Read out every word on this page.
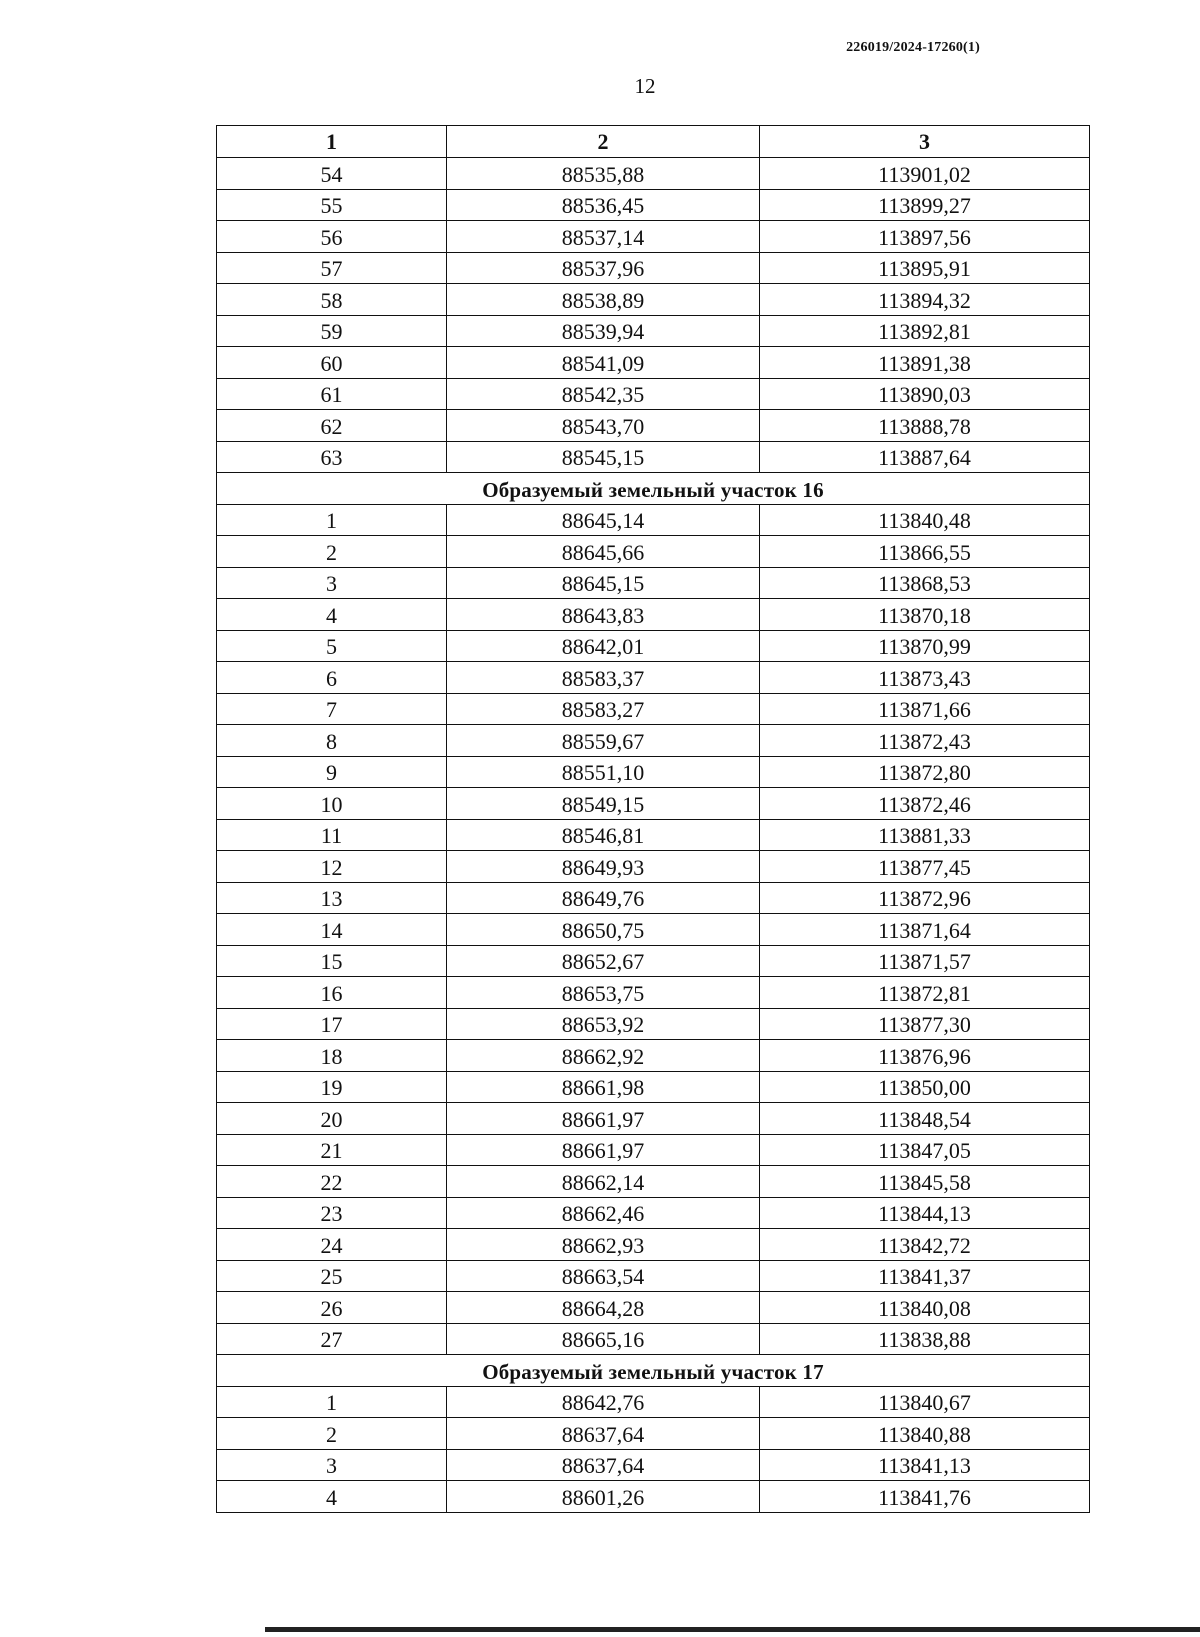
226019/2024-17260(1)
12
1	2	3
54	88535,88	113901,02
55	88536,45	113899,27
56	88537,14	113897,56
57	88537,96	113895,91
58	88538,89	113894,32
59	88539,94	113892,81
60	88541,09	113891,38
61	88542,35	113890,03
62	88543,70	113888,78
63	88545,15	113887,64
Образуемый земельный участок 16		
1	88645,14	113840,48
2	88645,66	113866,55
3	88645,15	113868,53
4	88643,83	113870,18
5	88642,01	113870,99
6	88583,37	113873,43
7	88583,27	113871,66
8	88559,67	113872,43
9	88551,10	113872,80
10	88549,15	113872,46
11	88546,81	113881,33
12	88649,93	113877,45
13	88649,76	113872,96
14	88650,75	113871,64
15	88652,67	113871,57
16	88653,75	113872,81
17	88653,92	113877,30
18	88662,92	113876,96
19	88661,98	113850,00
20	88661,97	113848,54
21	88661,97	113847,05
22	88662,14	113845,58
23	88662,46	113844,13
24	88662,93	113842,72
25	88663,54	113841,37
26	88664,28	113840,08
27	88665,16	113838,88
Образуемый земельный участок 17		
1	88642,76	113840,67
2	88637,64	113840,88
3	88637,64	113841,13
4	88601,26	113841,76
